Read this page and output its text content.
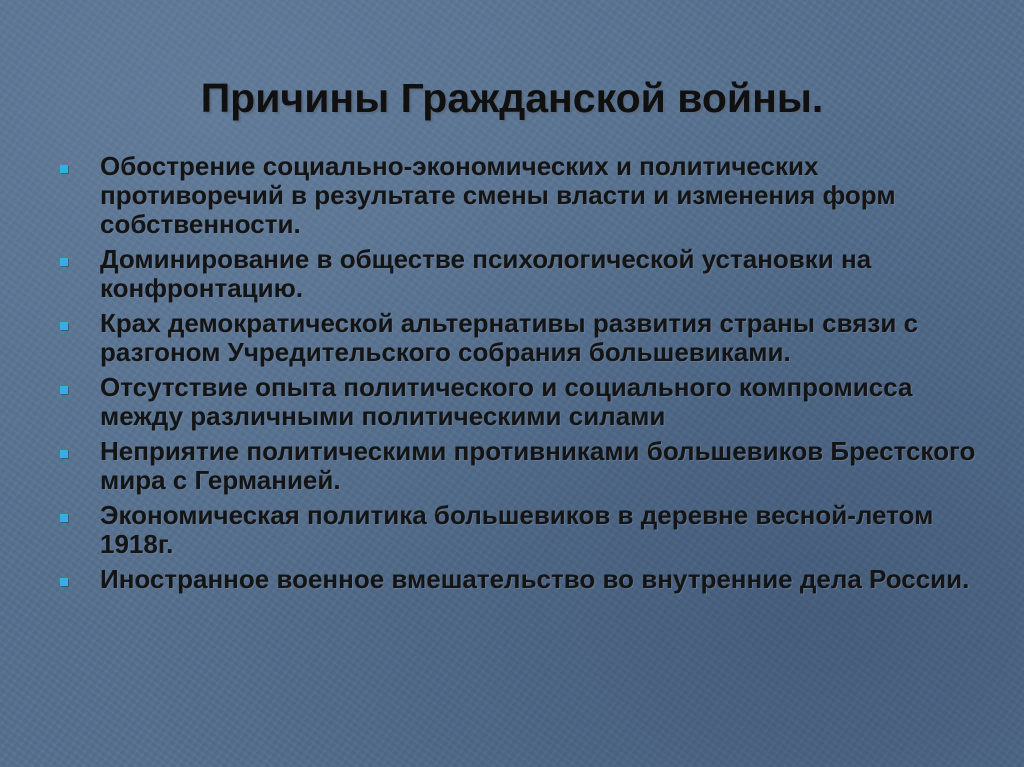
Причины Гражданской войны.
Обострение социально-экономических и политических противоречий в результате смены власти и изменения форм собственности.
Доминирование в обществе психологической установки на конфронтацию.
Крах демократической альтернативы развития страны связи с разгоном Учредительского собрания большевиками.
Отсутствие опыта политического и социального компромисса между различными политическими силами
Неприятие политическими противниками большевиков Брестского мира с Германией.
Экономическая политика большевиков в деревне весной-летом 1918г.
Иностранное военное вмешательство во внутренние дела России.
